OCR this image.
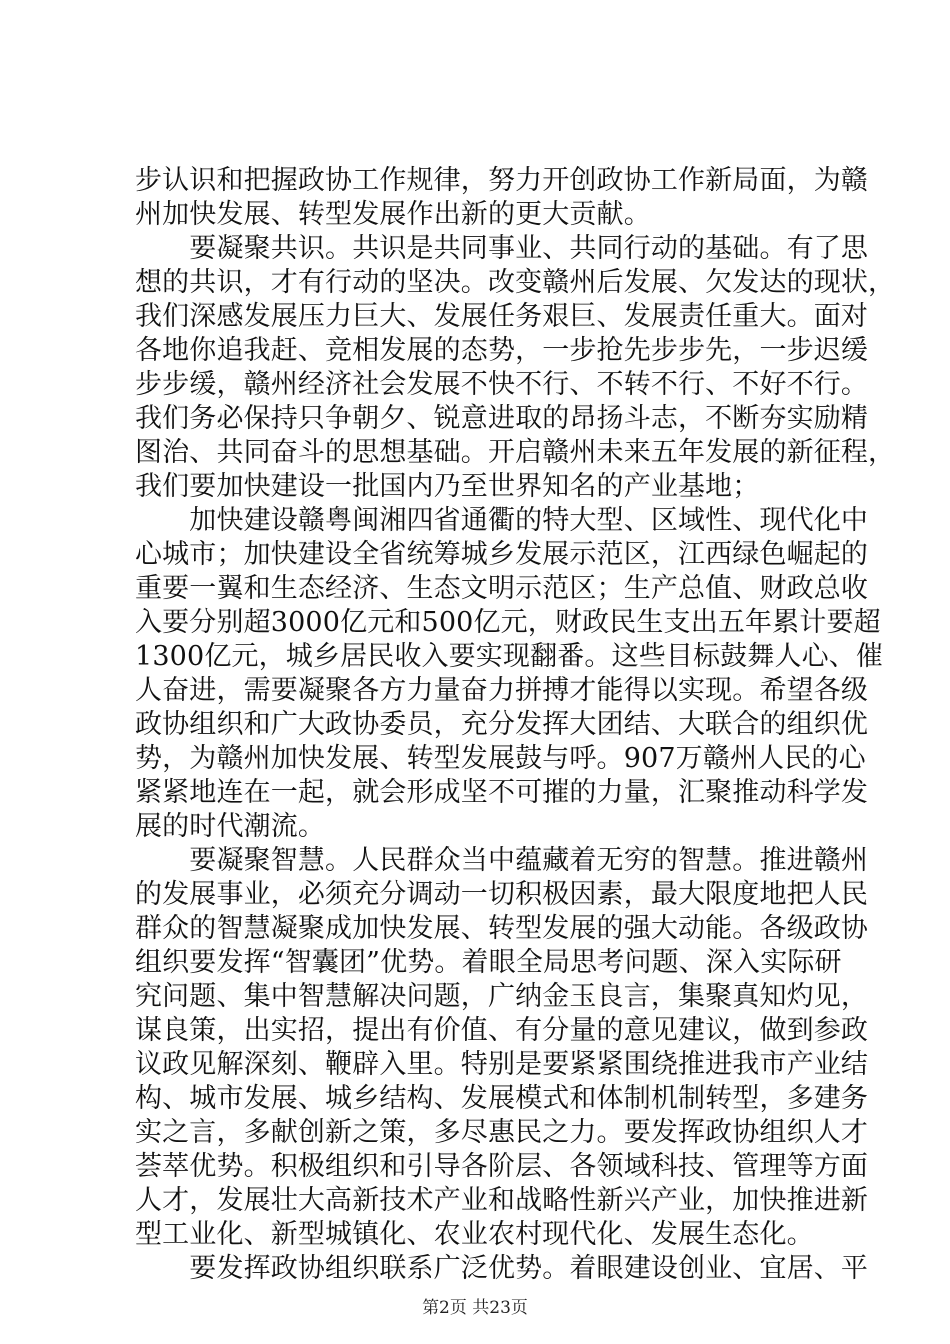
步认识和把握政协工作规律，努力开创政协工作新局面，为赣
州加快发展、转型发展作出新的更大贡献。
　　要凝聚共识。共识是共同事业、共同行动的基础。有了思
想的共识，才有行动的坚决。改变赣州后发展、欠发达的现状，
我们深感发展压力巨大、发展任务艰巨、发展责任重大。面对
各地你追我赶、竞相发展的态势，一步抢先步步先，一步迟缓
步步缓，赣州经济社会发展不快不行、不转不行、不好不行。
我们务必保持只争朝夕、锐意进取的昂扬斗志，不断夯实励精
图治、共同奋斗的思想基础。开启赣州未来五年发展的新征程，
我们要加快建设一批国内乃至世界知名的产业基地；
　　加快建设赣粤闽湘四省通衢的特大型、区域性、现代化中
心城市；加快建设全省统筹城乡发展示范区，江西绿色崛起的
重要一翼和生态经济、生态文明示范区；生产总值、财政总收
入要分别超3000亿元和500亿元，财政民生支出五年累计要超
1300亿元，城乡居民收入要实现翻番。这些目标鼓舞人心、催
人奋进，需要凝聚各方力量奋力拼搏才能得以实现。希望各级
政协组织和广大政协委员，充分发挥大团结、大联合的组织优
势，为赣州加快发展、转型发展鼓与呼。907万赣州人民的心
紧紧地连在一起，就会形成坚不可摧的力量，汇聚推动科学发
展的时代潮流。
　　要凝聚智慧。人民群众当中蕴藏着无穷的智慧。推进赣州
的发展事业，必须充分调动一切积极因素，最大限度地把人民
群众的智慧凝聚成加快发展、转型发展的强大动能。各级政协
组织要发挥“智囊团”优势。着眼全局思考问题、深入实际研
究问题、集中智慧解决问题，广纳金玉良言，集聚真知灼见，
谋良策，出实招，提出有价值、有分量的意见建议，做到参政
议政见解深刻、鞭辟入里。特别是要紧紧围绕推进我市产业结
构、城市发展、城乡结构、发展模式和体制机制转型，多建务
实之言，多献创新之策，多尽惠民之力。要发挥政协组织人才
荟萃优势。积极组织和引导各阶层、各领域科技、管理等方面
人才，发展壮大高新技术产业和战略性新兴产业，加快推进新
型工业化、新型城镇化、农业农村现代化、发展生态化。
　　要发挥政协组织联系广泛优势。着眼建设创业、宜居、平
第2页 共23页
